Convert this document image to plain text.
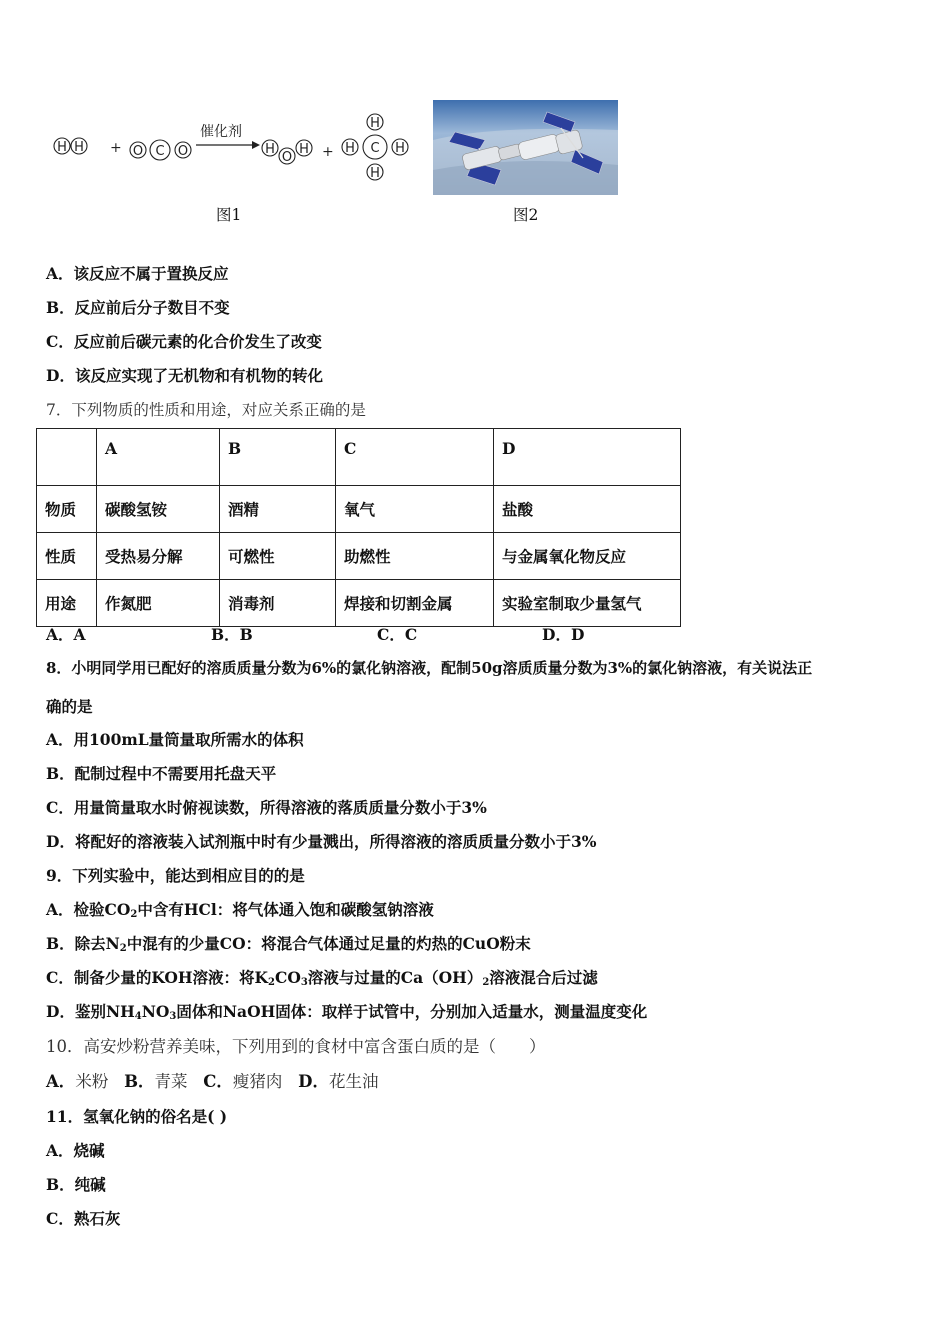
H H + O C O
催化剂
H
O
H +
H
H C H
H
图1	图2
A．该反应不属于置换反应
B．反应前后分子数目不变
C．反应前后碳元素的化合价发生了改变
D．该反应实现了无机物和有机物的转化
7．下列物质的性质和用途，对应关系正确的是
	A	B	C	D
物质	碳酸氢铵	酒精	氧气	盐酸
性质	受热易分解	可燃性	助燃性	与金属氧化物反应
用途	作氮肥	消毒剂	焊接和切割金属	实验室制取少量氢气
A．A	B．B	C．C	D．D
8．小明同学用已配好的溶质质量分数为6%的氯化钠溶液，配制50g溶质质量分数为3%的氯化钠溶液，有关说法正
确的是
A．用100mL量筒量取所需水的体积
B．配制过程中不需要用托盘天平
C．用量筒量取水时俯视读数，所得溶液的落质质量分数小于3%
D．将配好的溶液装入试剂瓶中时有少量溅出，所得溶液的溶质质量分数小于3%
9．下列实验中，能达到相应目的的是
A．检验$CO_2$中含有HCl：将气体通入饱和碳酸氢钠溶液
B．除去$N_2$中混有的少量CO：将混合气体通过足量的灼热的CuO粉末
C．制备少量的KOH溶液：将$K_2CO_3$溶液与过量的$Ca(OH)_2$溶液混合后过滤
D．鉴别$NH_4NO_3$固体和NaOH固体：取样于试管中，分别加入适量水，测量温度变化
10．高安炒粉营养美味，下列用到的食材中富含蛋白质的是（　　）
A．米粉 B．青菜 C．瘦猪肉 D．花生油
11．氢氧化钠的俗名是( )
A．烧碱
B．纯碱
C．熟石灰
